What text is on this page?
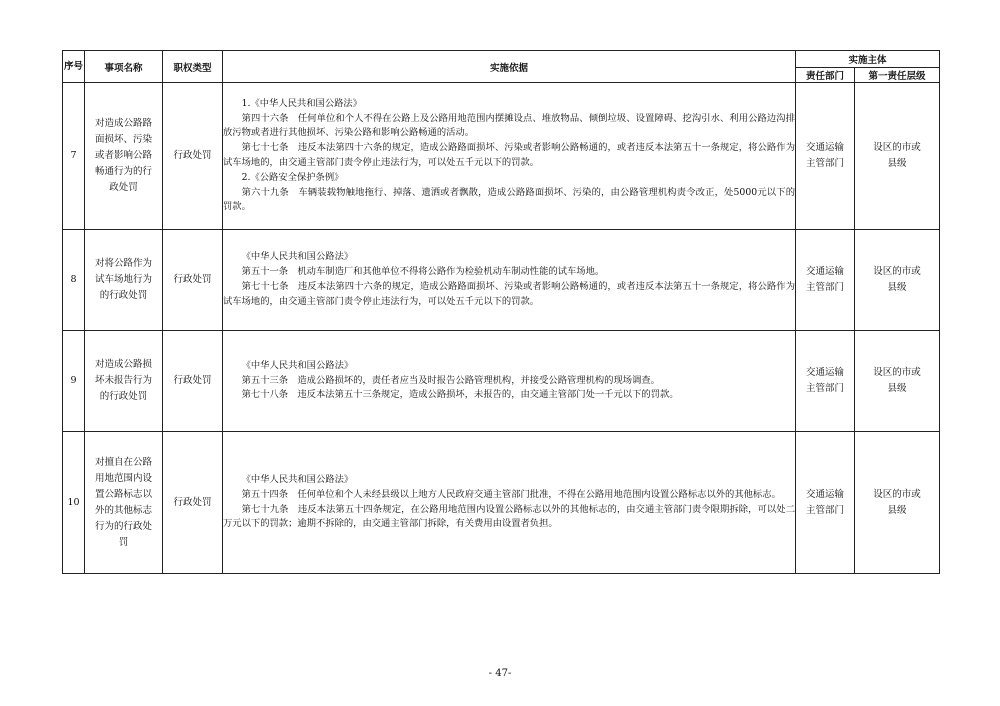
序号	事项名称	职权类型	实施依据	实施主体	
				责任部门	第一责任层级
7	对造成公路路面损坏、污染或者影响公路畅通行为的行政处罚	行政处罚	1.《中华人民共和国公路法》

第四十六条　任何单位和个人不得在公路上及公路用地范围内摆摊设点、堆放物品、倾倒垃圾、设置障碍、挖沟引水、利用公路边沟排放污物或者进行其他损坏、污染公路和影响公路畅通的活动。

第七十七条　违反本法第四十六条的规定，造成公路路面损坏、污染或者影响公路畅通的，或者违反本法第五十一条规定，将公路作为试车场地的，由交通主管部门责令停止违法行为，可以处五千元以下的罚款。

2.《公路安全保护条例》

第六十九条　车辆装载物触地拖行、掉落、遗洒或者飘散，造成公路路面损坏、污染的，由公路管理机构责令改正，处5000元以下的罚款。	交通运输主管部门	设区的市或县级
8	对将公路作为试车场地行为的行政处罚	行政处罚	《中华人民共和国公路法》

第五十一条　机动车制造厂和其他单位不得将公路作为检验机动车制动性能的试车场地。

第七十七条　违反本法第四十六条的规定，造成公路路面损坏、污染或者影响公路畅通的，或者违反本法第五十一条规定，将公路作为试车场地的，由交通主管部门责令停止违法行为，可以处五千元以下的罚款。	交通运输主管部门	设区的市或县级
9	对造成公路损坏未报告行为的行政处罚	行政处罚	《中华人民共和国公路法》

第五十三条　造成公路损坏的，责任者应当及时报告公路管理机构，并接受公路管理机构的现场调查。

第七十八条　违反本法第五十三条规定，造成公路损坏，未报告的，由交通主管部门处一千元以下的罚款。	交通运输主管部门	设区的市或县级
10	对擅自在公路用地范围内设置公路标志以外的其他标志行为的行政处罚	行政处罚	《中华人民共和国公路法》

第五十四条　任何单位和个人未经县级以上地方人民政府交通主管部门批准，不得在公路用地范围内设置公路标志以外的其他标志。

第七十九条　违反本法第五十四条规定，在公路用地范围内设置公路标志以外的其他标志的，由交通主管部门责令限期拆除，可以处二万元以下的罚款；逾期不拆除的，由交通主管部门拆除，有关费用由设置者负担。	交通运输主管部门	设区的市或县级
- 47-
